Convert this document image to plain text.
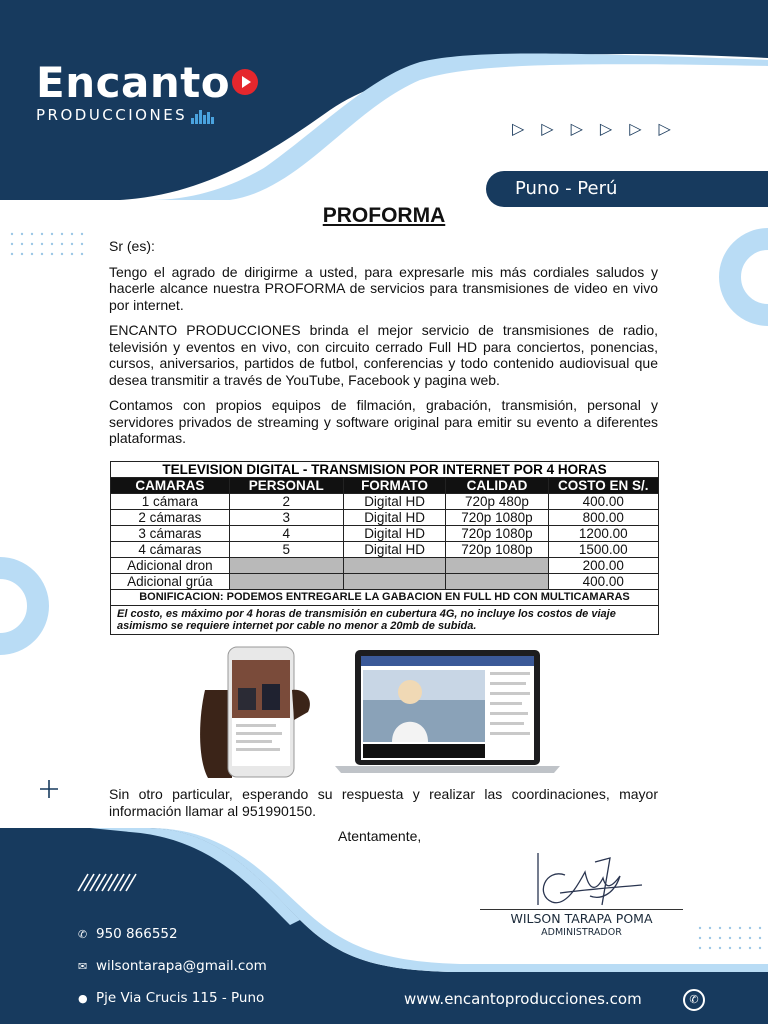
Encanto
PRODUCCIONES
▷▷▷▷▷▷
Puno - Perú
PROFORMA

Sr (es):

Tengo el agrado de dirigirme a usted, para expresarle mis más cordiales saludos y hacerle alcance nuestra PROFORMA de servicios para transmisiones de video en vivo por internet.

ENCANTO PRODUCCIONES brinda el mejor servicio de transmisiones de radio, televisión y eventos en vivo, con circuito cerrado Full HD para conciertos, ponencias, cursos, aniversarios, partidos de futbol, conferencias y todo contenido audiovisual que desea transmitir a través de YouTube, Facebook y pagina web.

Contamos con propios equipos de filmación, grabación, transmisión, personal y servidores privados de streaming y software original para emitir su evento a diferentes plataformas.

TELEVISION DIGITAL - TRANSMISION POR INTERNET POR 4 HORAS				
CAMARAS	PERSONAL	FORMATO	CALIDAD	COSTO EN S/.
1 cámara	2	Digital HD	720p 480p	400.00
2 cámaras	3	Digital HD	720p 1080p	800.00
3 cámaras	4	Digital HD	720p 1080p	1200.00
4 cámaras	5	Digital HD	720p 1080p	1500.00
Adicional dron				200.00
Adicional grúa				400.00
BONIFICACION: PODEMOS ENTREGARLE LA GABACION EN FULL HD CON MULTICAMARAS				
El costo, es máximo por 4 horas de transmisión en cubertura 4G, no incluye los costos de viaje asimismo se requiere internet por cable no menor a 20mb de subida.				
Sin otro particular, esperando su respuesta y realizar las coordinaciones, mayor información llamar al 951990150.
Atentamente,
WILSON TARAPA POMA
ADMINISTRADOR
✆ 950 866552
✉ wilsontarapa@gmail.com
● Pje Via Crucis 115 - Puno	www.encantoproducciones.com	✆
